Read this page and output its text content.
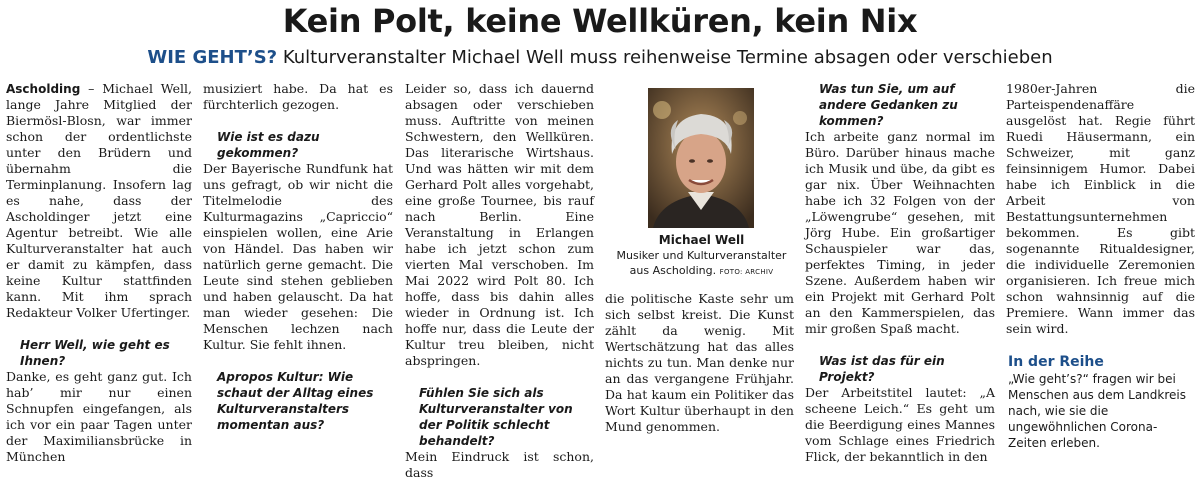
Kein Polt, keine Wellküren, kein Nix
WIE GEHT’S? Kulturveranstalter Michael Well muss reihenweise Termine absagen oder verschieben

Ascholding – Michael Well, lange Jahre Mitglied der Biermösl-Blosn, war immer schon der ordentlichste unter den Brüdern und übernahm die Terminplanung. Insofern lag es nahe, dass der Ascholdinger jetzt eine Agentur betreibt. Wie alle Kulturveranstalter hat auch er damit zu kämpfen, dass keine Kultur stattfinden kann. Mit ihm sprach Redakteur Volker Ufertinger.

Herr Well, wie geht es Ihnen?

Danke, es geht ganz gut. Ich hab’ mir nur einen Schnupfen eingefangen, als ich vor ein paar Tagen unter der Maximiliansbrücke in München

musiziert habe. Da hat es fürchterlich gezogen.

Wie ist es dazu gekommen?

Der Bayerische Rundfunk hat uns gefragt, ob wir nicht die Titelmelodie des Kulturmagazins „Capriccio“ einspielen wollen, eine Arie von Händel. Das haben wir natürlich gerne gemacht. Die Leute sind stehen geblieben und haben gelauscht. Da hat man wieder gesehen: Die Menschen lechzen nach Kultur. Sie fehlt ihnen.

Apropos Kultur: Wie schaut der Alltag eines Kulturveranstalters momentan aus?

Leider so, dass ich dauernd absagen oder verschieben muss. Auftritte von meinen Schwestern, den Wellküren. Das literarische Wirtshaus. Und was hätten wir mit dem Gerhard Polt alles vorgehabt, eine große Tournee, bis rauf nach Berlin. Eine Veranstaltung in Erlangen habe ich jetzt schon zum vierten Mal verschoben. Im Mai 2022 wird Polt 80. Ich hoffe, dass bis dahin alles wieder in Ordnung ist. Ich hoffe nur, dass die Leute der Kultur treu bleiben, nicht abspringen.

Fühlen Sie sich als Kulturveranstalter von der Politik schlecht behandelt?

Mein Eindruck ist schon, dass

Michael Well
Musiker und Kulturveranstalter aus Ascholding. FOTO: ARCHIV

die politische Kaste sehr um sich selbst kreist. Die Kunst zählt da wenig. Mit Wertschätzung hat das alles nichts zu tun. Man denke nur an das vergangene Frühjahr. Da hat kaum ein Politiker das Wort Kultur überhaupt in den Mund genommen.

Was tun Sie, um auf andere Gedanken zu kommen?

Ich arbeite ganz normal im Büro. Darüber hinaus mache ich Musik und übe, da gibt es gar nix. Über Weihnachten habe ich 32 Folgen von der „Löwengrube“ gesehen, mit Jörg Hube. Ein großartiger Schauspieler war das, perfektes Timing, in jeder Szene. Außerdem haben wir ein Projekt mit Gerhard Polt an den Kammerspielen, das mir großen Spaß macht.

Was ist das für ein Projekt?

Der Arbeitstitel lautet: „A scheene Leich.“ Es geht um die Beerdigung eines Mannes vom Schlage eines Friedrich Flick, der bekanntlich in den

1980er-Jahren die Parteispendenaffäre ausgelöst hat. Regie führt Ruedi Häusermann, ein Schweizer, mit ganz feinsinnigem Humor. Dabei habe ich Einblick in die Arbeit von Bestattungsunternehmen bekommen. Es gibt sogenannte Ritualdesigner, die individuelle Zeremonien organisieren. Ich freue mich schon wahnsinnig auf die Premiere. Wann immer das sein wird.

In der Reihe
„Wie geht’s?“ fragen wir bei Menschen aus dem Landkreis nach, wie sie die ungewöhnlichen Corona-Zeiten erleben.
